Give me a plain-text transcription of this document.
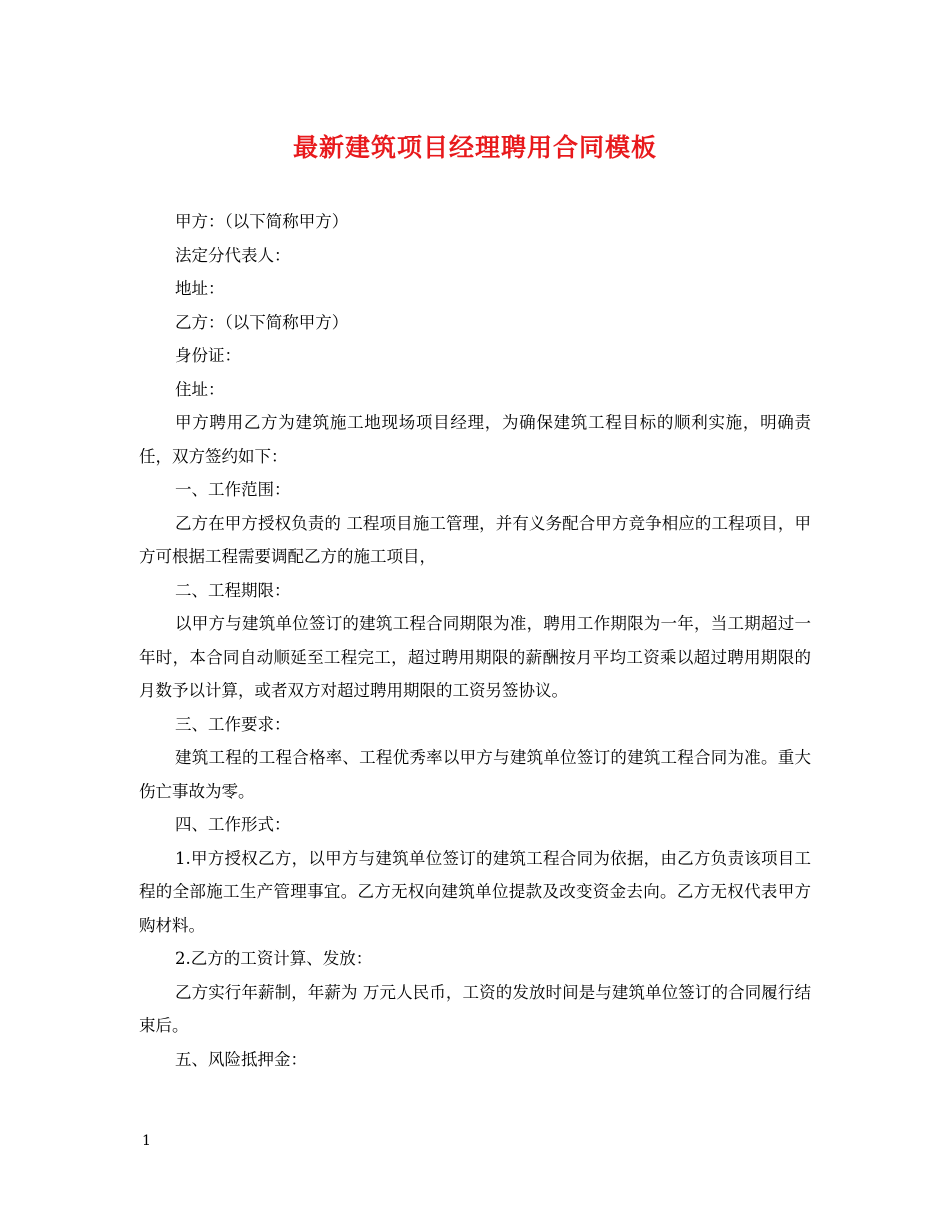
最新建筑项目经理聘用合同模板

甲方：（以下简称甲方）

法定分代表人：

地址：

乙方：（以下简称甲方）

身份证：

住址：

甲方聘用乙方为建筑施工地现场项目经理，为确保建筑工程目标的顺利实施，明确责任，双方签约如下：

一、工作范围：

乙方在甲方授权负责的 工程项目施工管理，并有义务配合甲方竞争相应的工程项目，甲方可根据工程需要调配乙方的施工项目，

二、工程期限：

以甲方与建筑单位签订的建筑工程合同期限为准，聘用工作期限为一年，当工期超过一年时，本合同自动顺延至工程完工，超过聘用期限的薪酬按月平均工资乘以超过聘用期限的月数予以计算，或者双方对超过聘用期限的工资另签协议。

三、工作要求：

建筑工程的工程合格率、工程优秀率以甲方与建筑单位签订的建筑工程合同为准。重大伤亡事故为零。

四、工作形式：

1.甲方授权乙方，以甲方与建筑单位签订的建筑工程合同为依据，由乙方负责该项目工程的全部施工生产管理事宜。乙方无权向建筑单位提款及改变资金去向。乙方无权代表甲方购材料。

2.乙方的工资计算、发放：

乙方实行年薪制，年薪为 万元人民币，工资的发放时间是与建筑单位签订的合同履行结束后。

五、风险抵押金：

1
